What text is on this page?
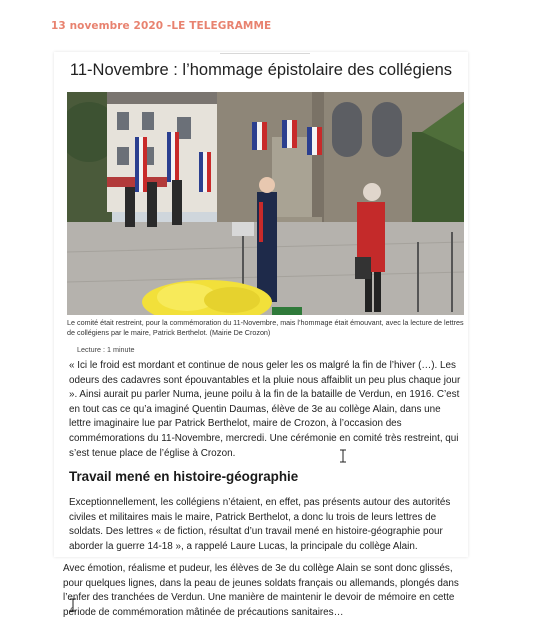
13 novembre 2020 -LE TELEGRAMME
11-Novembre : l’hommage épistolaire des collégiens
Le comité était restreint, pour la commémoration du 11-Novembre, mais l’hommage était émouvant, avec la lecture de lettres de collégiens par le maire, Patrick Berthelot. (Mairie De Crozon)
Lecture : 1 minute
« Ici le froid est mordant et continue de nous geler les os malgré la fin de l’hiver (…). Les odeurs des cadavres sont épouvantables et la pluie nous affaiblit un peu plus chaque jour ». Ainsi aurait pu parler Numa, jeune poilu à la fin de la bataille de Verdun, en 1916. C’est en tout cas ce qu’a imaginé Quentin Daumas, élève de 3e au collège Alain, dans une lettre imaginaire lue par Patrick Berthelot, maire de Crozon, à l’occasion des commémorations du 11-Novembre, mercredi. Une cérémonie en comité très restreint, qui s’est tenue place de l’église à Crozon.
Travail mené en histoire-géographie
Exceptionnellement, les collégiens n’étaient, en effet, pas présents autour des autorités civiles et militaires mais le maire, Patrick Berthelot, a donc lu trois de leurs lettres de soldats. Des lettres « de fiction, résultat d’un travail mené en histoire-géographie pour aborder la guerre 14-18 », a rappelé Laure Lucas, la principale du collège Alain.
Avec émotion, réalisme et pudeur, les élèves de 3e du collège Alain se sont donc glissés, pour quelques lignes, dans la peau de jeunes soldats français ou allemands, plongés dans l’enfer des tranchées de Verdun. Une manière de maintenir le devoir de mémoire en cette période de commémoration mâtinée de précautions sanitaires…
